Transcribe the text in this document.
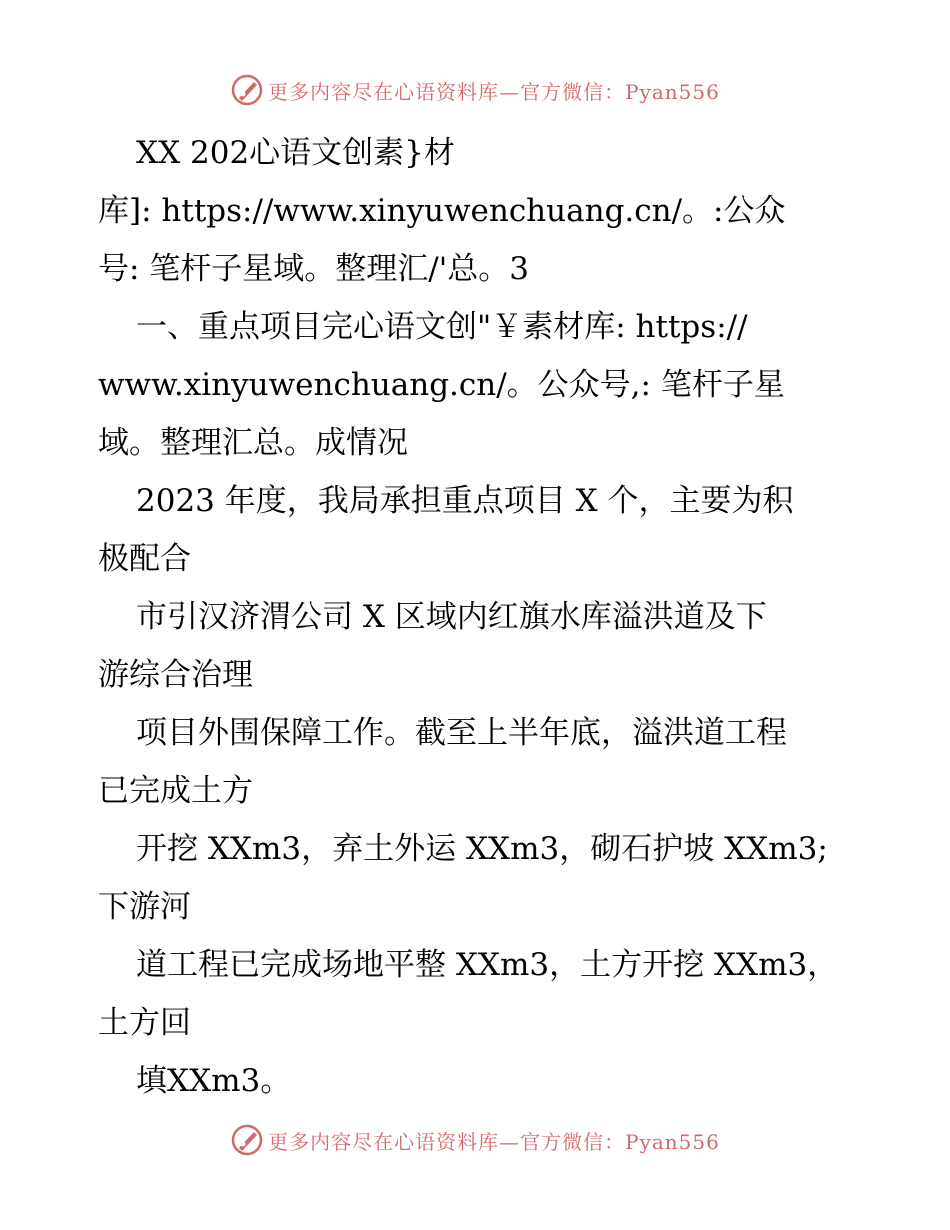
更多内容尽在心语资料库—官方微信：Pyan556
XX 202心语文创素}材
库]: https://www.xinyuwenchuang.cn/。:公众
号: 笔杆子星域。整理汇/'总。3
一、重点项目完心语文创"￥素材库: https://
www.xinyuwenchuang.cn/。公众号,: 笔杆子星
域。整理汇总。成情况
2023 年度，我局承担重点项目 X 个，主要为积
极配合
市引汉济渭公司 X 区域内红旗水库溢洪道及下
游综合治理
项目外围保障工作。截至上半年底，溢洪道工程
已完成土方
开挖 XXm3，弃土外运 XXm3，砌石护坡 XXm3;
下游河
道工程已完成场地平整 XXm3，土方开挖 XXm3，
土方回
填XXm3。
更多内容尽在心语资料库—官方微信：Pyan556
